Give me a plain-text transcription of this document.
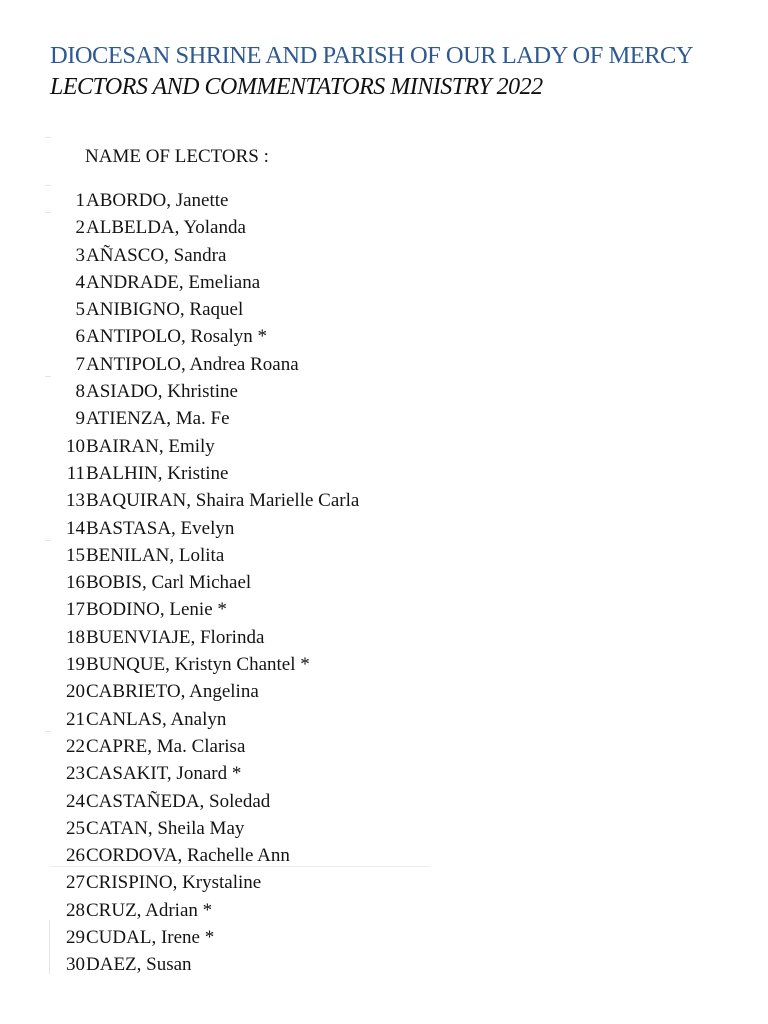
DIOCESAN SHRINE AND PARISH OF OUR LADY OF MERCY
LECTORS AND COMMENTATORS MINISTRY 2022

NAME OF LECTORS :

1 ABORDO, Janette
2 ALBELDA, Yolanda
3 AÑASCO, Sandra
4 ANDRADE, Emeliana
5 ANIBIGNO, Raquel
6 ANTIPOLO, Rosalyn *
7 ANTIPOLO, Andrea Roana
8 ASIADO, Khristine
9 ATIENZA, Ma. Fe
10 BAIRAN, Emily
11 BALHIN, Kristine
13 BAQUIRAN, Shaira Marielle Carla
14 BASTASA, Evelyn
15 BENILAN, Lolita
16 BOBIS, Carl Michael
17 BODINO, Lenie *
18 BUENVIAJE, Florinda
19 BUNQUE, Kristyn Chantel *
20 CABRIETO, Angelina
21 CANLAS, Analyn
22 CAPRE, Ma. Clarisa
23 CASAKIT, Jonard *
24 CASTAÑEDA, Soledad
25 CATAN, Sheila May
26 CORDOVA, Rachelle Ann
27 CRISPINO, Krystaline
28 CRUZ, Adrian *
29 CUDAL, Irene *
30 DAEZ, Susan
